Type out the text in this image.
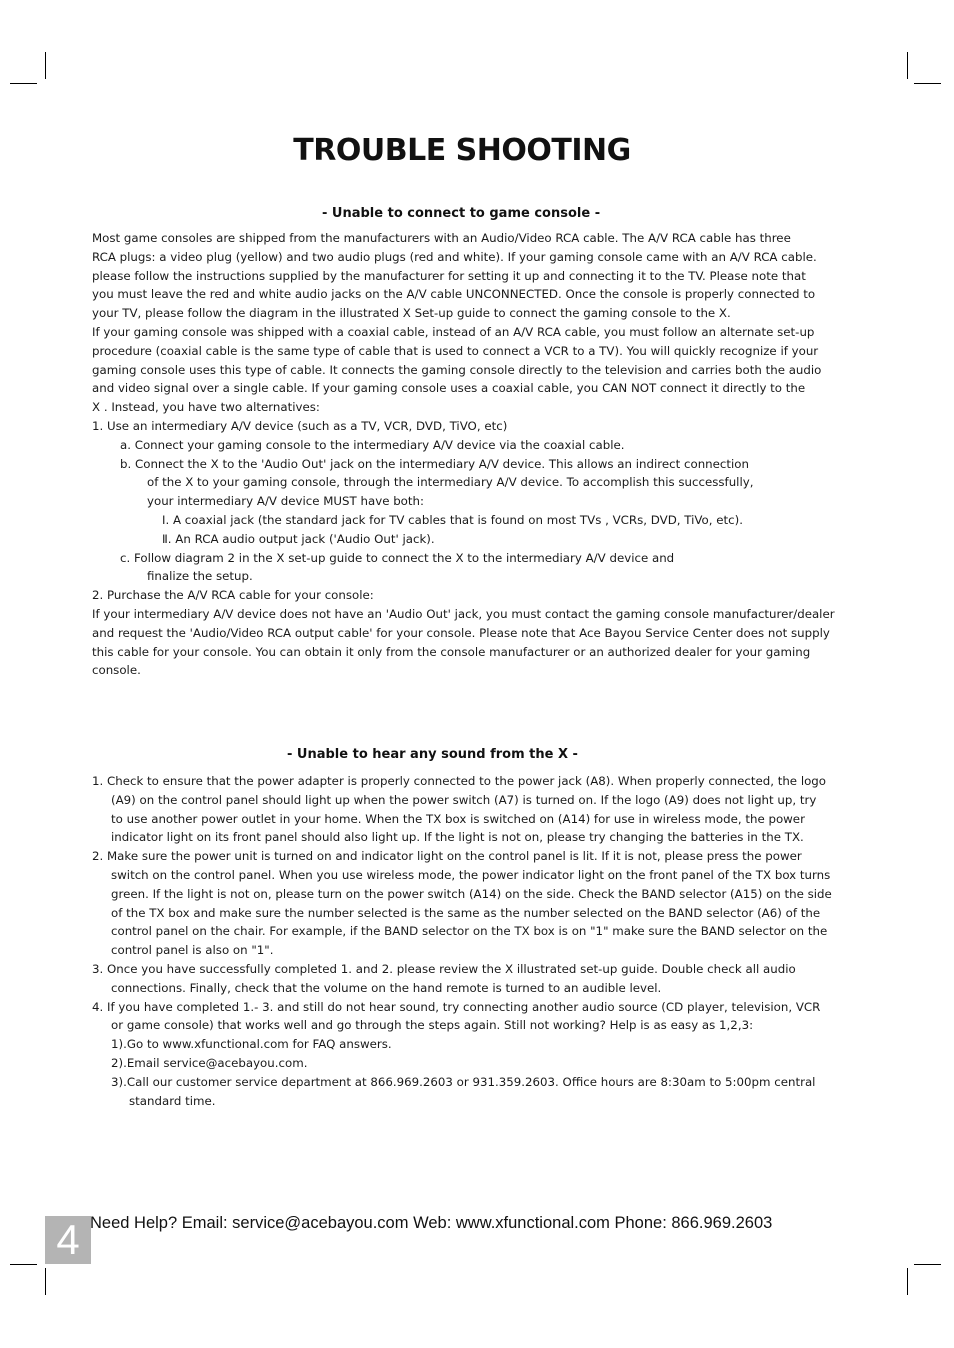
TROUBLE SHOOTING
- Unable to connect to game console -

Most game consoles are shipped from the manufacturers with an Audio/Video RCA cable. The A/V RCA cable has three

RCA plugs: a video plug (yellow) and two audio plugs (red and white). If your gaming console came with an A/V RCA cable.

please follow the instructions supplied by the manufacturer for setting it up and connecting it to the TV. Please note that

you must leave the red and white audio jacks on the A/V cable UNCONNECTED. Once the console is properly connected to

your TV, please follow the diagram in the illustrated X Set-up guide to connect the gaming console to the X.

If your gaming console was shipped with a coaxial cable, instead of an A/V RCA cable, you must follow an alternate set-up

procedure (coaxial cable is the same type of cable that is used to connect a VCR to a TV). You will quickly recognize if your

gaming console uses this type of cable. It connects the gaming console directly to the television and carries both the audio

and video signal over a single cable. If your gaming console uses a coaxial cable, you CAN NOT connect it directly to the

X . Instead, you have two alternatives:

1. Use an intermediary A/V device (such as a TV, VCR, DVD, TiVO, etc)

a. Connect your gaming console to the intermediary A/V device via the coaxial cable.

b. Connect the X to the 'Audio Out' jack on the intermediary A/V device. This allows an indirect connection

of the X to your gaming console, through the intermediary A/V device. To accomplish this successfully,

your intermediary A/V device MUST have both:

Ⅰ. A coaxial jack (the standard jack for TV cables that is found on most TVs , VCRs, DVD, TiVo, etc).

Ⅱ. An RCA audio output jack ('Audio Out' jack).

c. Follow diagram 2 in the X set-up guide to connect the X to the intermediary A/V device and

finalize the setup.

2. Purchase the A/V RCA cable for your console:

If your intermediary A/V device does not have an 'Audio Out' jack, you must contact the gaming console manufacturer/dealer

and request the 'Audio/Video RCA output cable' for your console. Please note that Ace Bayou Service Center does not supply

this cable for your console. You can obtain it only from the console manufacturer or an authorized dealer for your gaming

console.

- Unable to hear any sound from the X -

1. Check to ensure that the power adapter is properly connected to the power jack (A8). When properly connected, the logo

(A9) on the control panel should light up when the power switch (A7) is turned on. If the logo (A9) does not light up, try

to use another power outlet in your home. When the TX box is switched on (A14) for use in wireless mode, the power

indicator light on its front panel should also light up. If the light is not on, please try changing the batteries in the TX.

2. Make sure the power unit is turned on and indicator light on the control panel is lit. If it is not, please press the power

switch on the control panel. When you use wireless mode, the power indicator light on the front panel of the TX box turns

green. If the light is not on, please turn on the power switch (A14) on the side. Check the BAND selector (A15) on the side

of the TX box and make sure the number selected is the same as the number selected on the BAND selector (A6) of the

control panel on the chair. For example, if the BAND selector on the TX box is on "1" make sure the BAND selector on the

control panel is also on "1".

3. Once you have successfully completed 1. and 2. please review the X illustrated set-up guide. Double check all audio

connections. Finally, check that the volume on the hand remote is turned to an audible level.

4. If you have completed 1.- 3. and still do not hear sound, try connecting another audio source (CD player, television, VCR

or game console) that works well and go through the steps again. Still not working? Help is as easy as 1,2,3:

1).Go to www.xfunctional.com for FAQ answers.

2).Email service@acebayou.com.

3).Call our customer service department at 866.969.2603 or 931.359.2603. Office hours are 8:30am to 5:00pm central

standard time.

4 Need Help? Email: service@acebayou.com Web: www.xfunctional.com Phone: 866.969.2603
